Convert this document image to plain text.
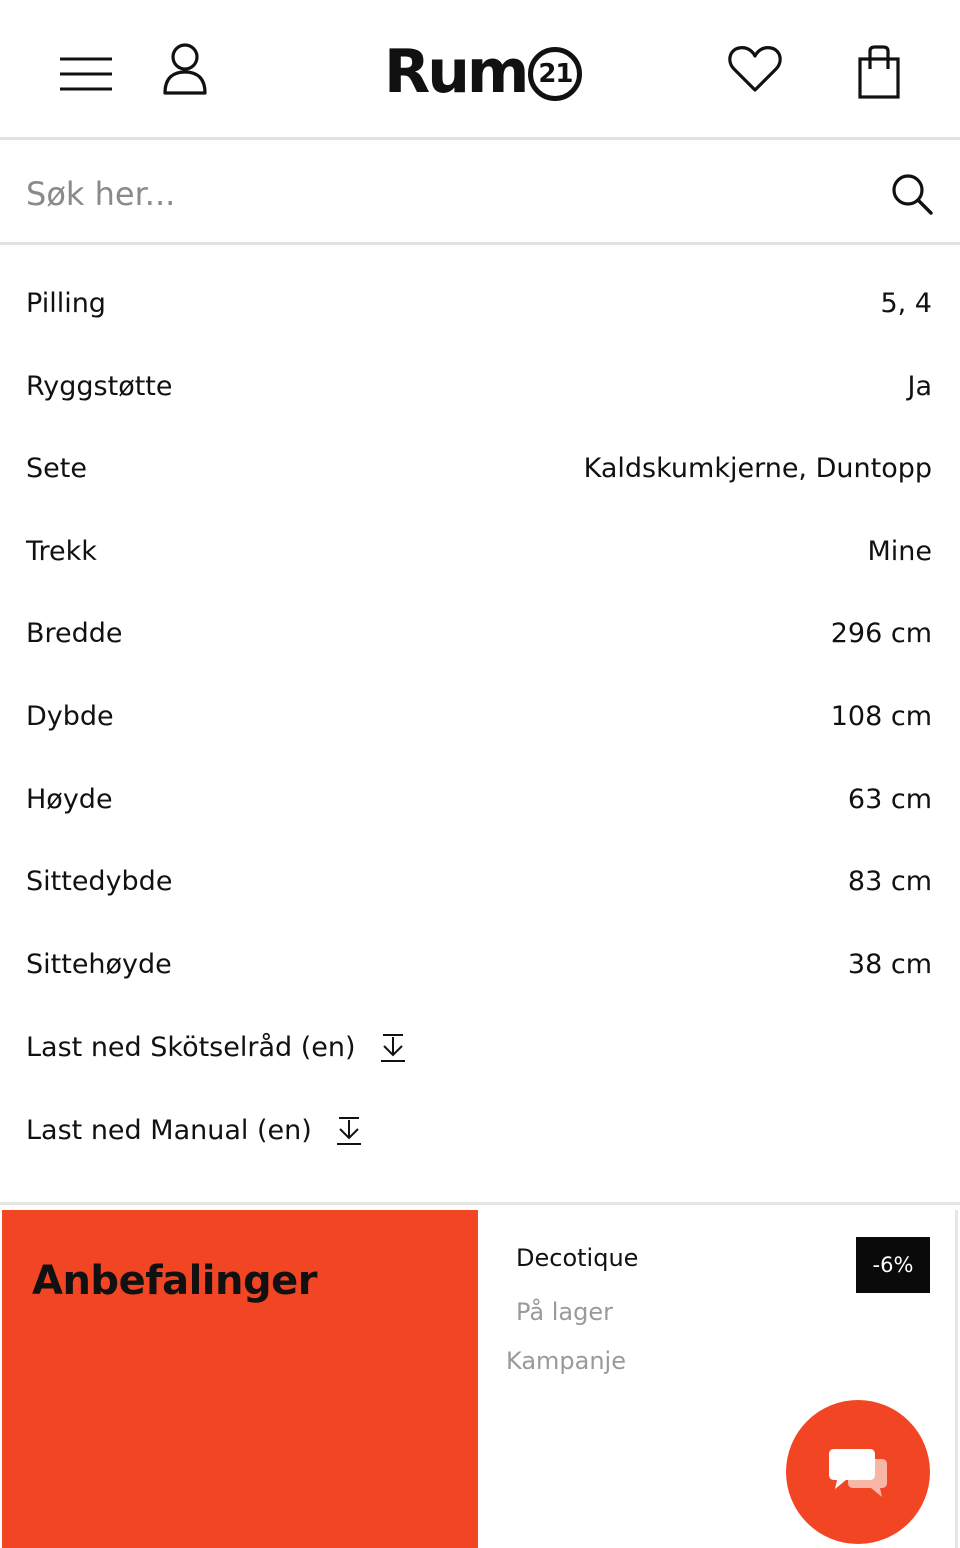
Rum 21
Søk her...
Pilling	5, 4
Ryggstøtte	Ja
Sete	Kaldskumkjerne, Duntopp
Trekk	Mine
Bredde	296 cm
Dybde	108 cm
Høyde	63 cm
Sittedybde	83 cm
Sittehøyde	38 cm
Last ned Skötselråd (en)
Last ned Manual (en)
Anbefalinger	Decotique
På lager
Kampanje
-6%
